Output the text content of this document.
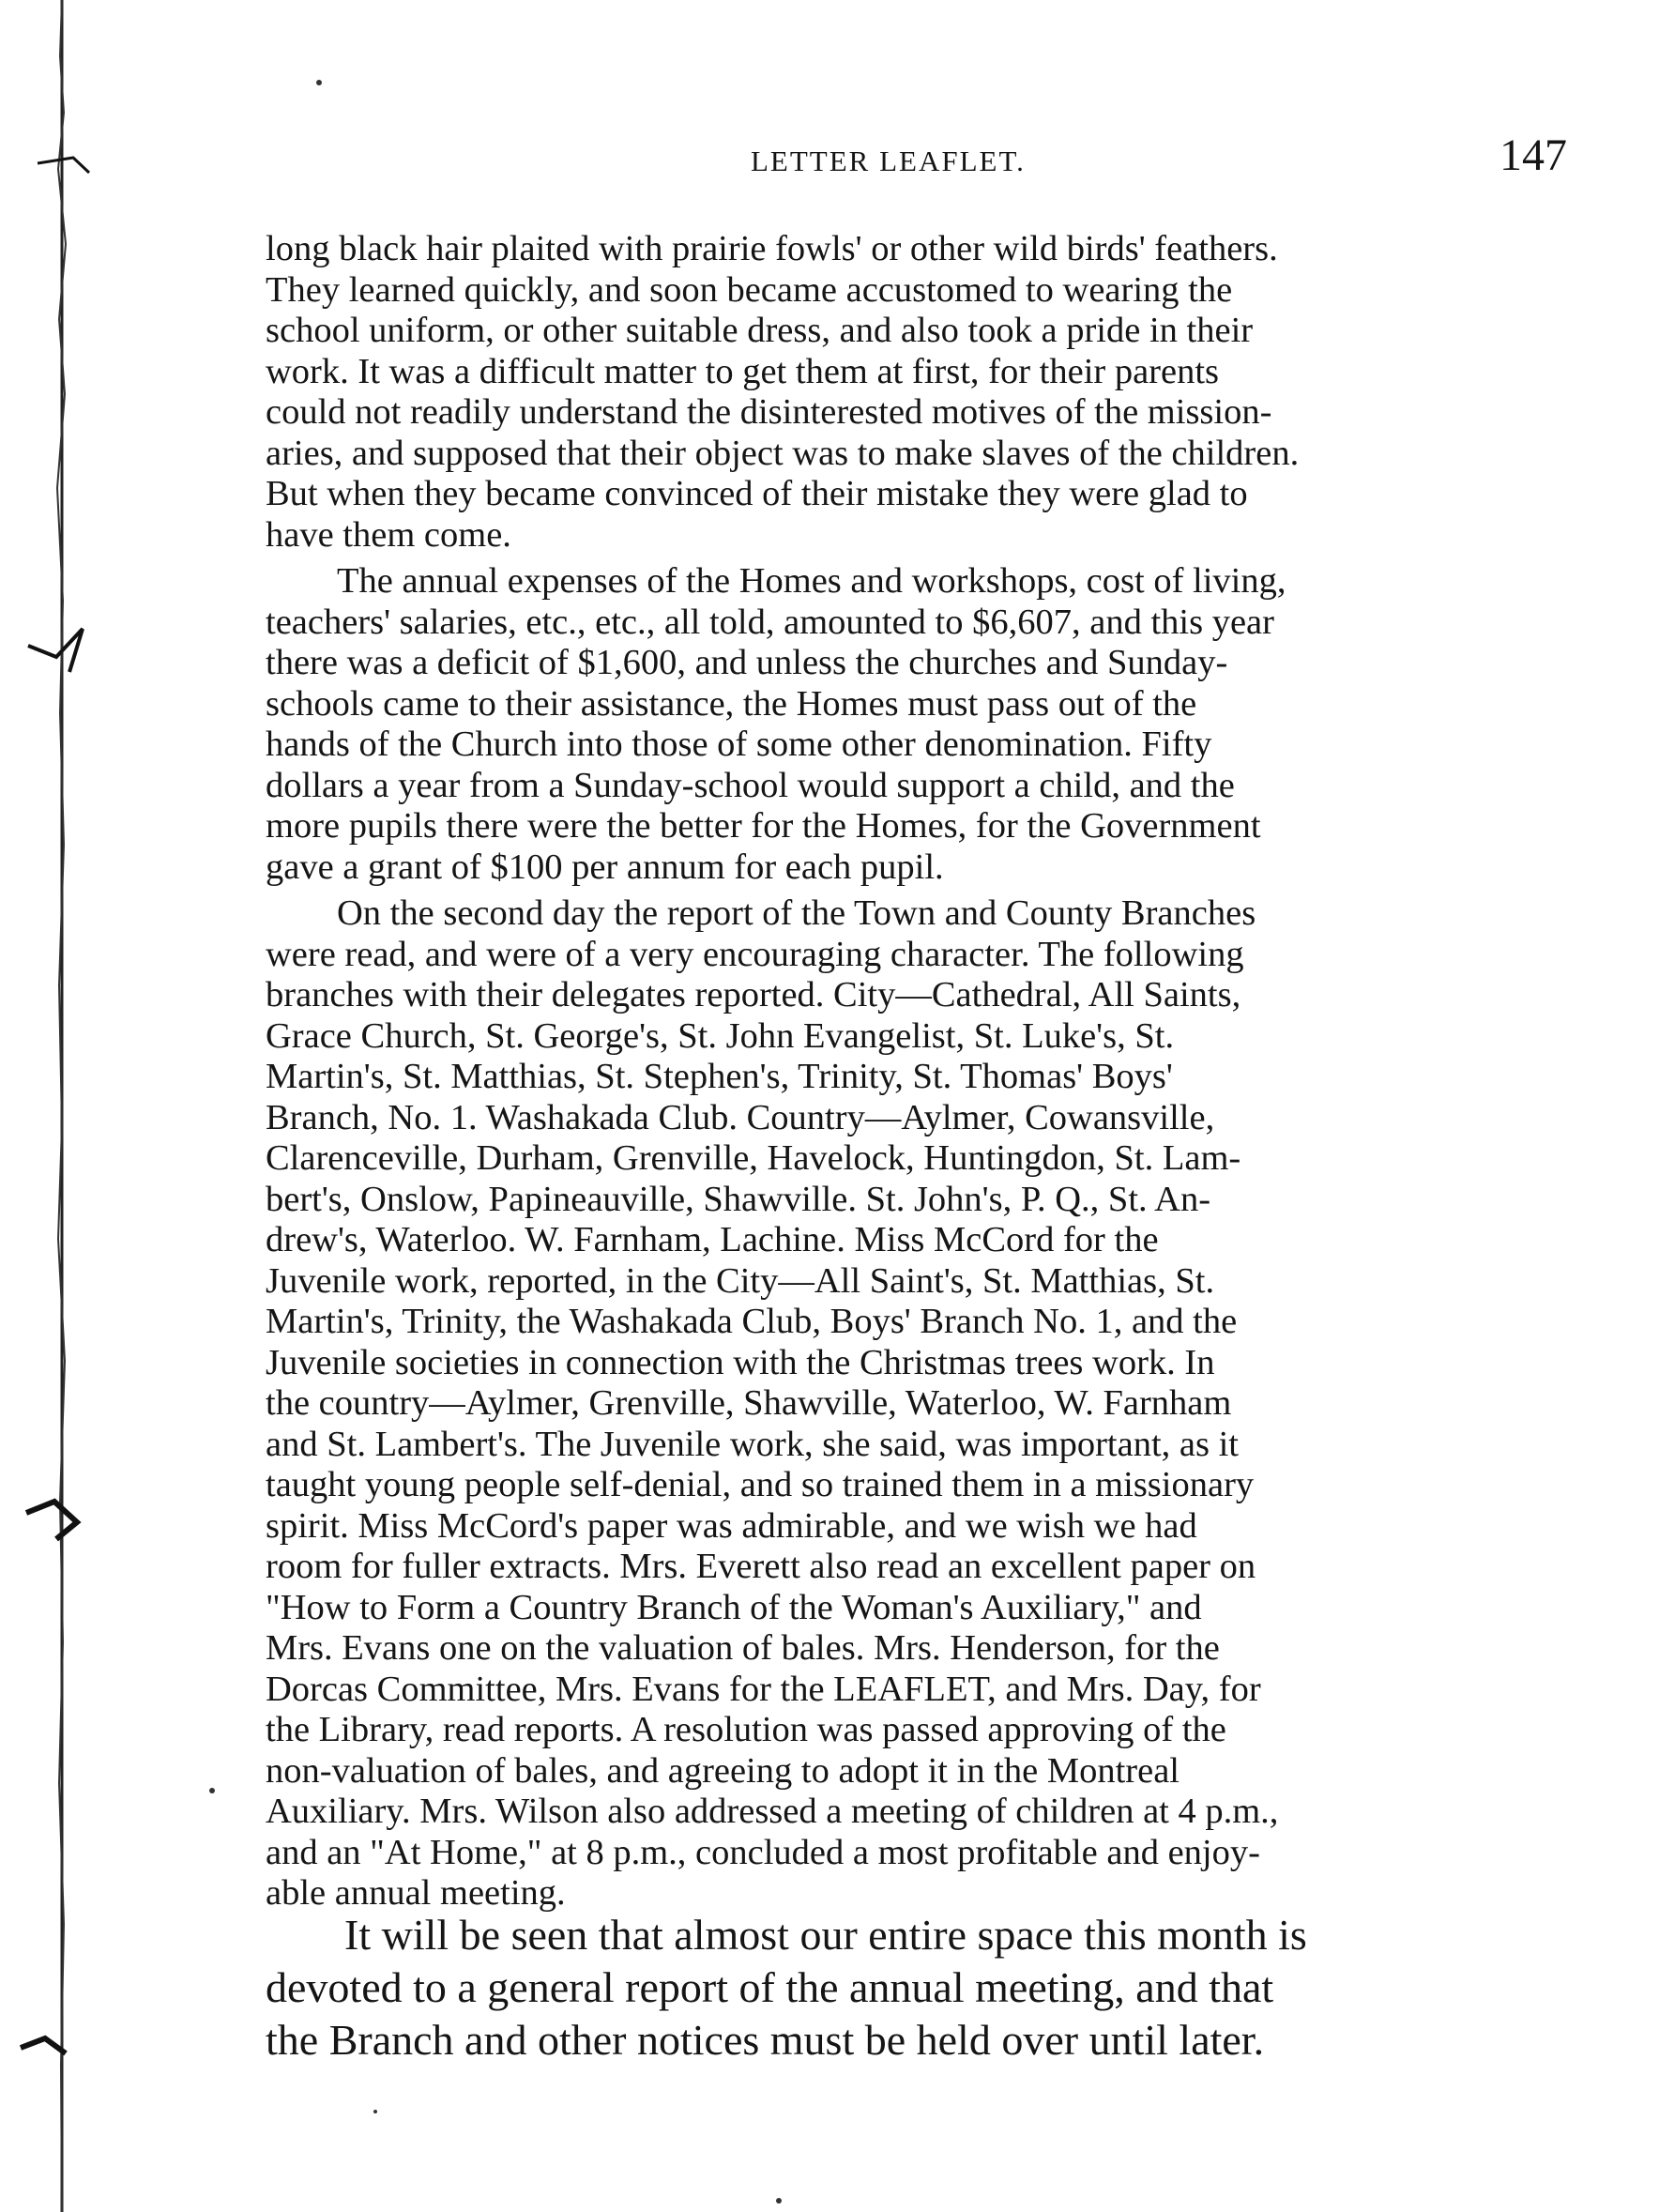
LETTER LEAFLET.	147

long black hair plaited with prairie fowls' or other wild birds' feathers.
They learned quickly, and soon became accustomed to wearing the
school uniform, or other suitable dress, and also took a pride in their
work. It was a difficult matter to get them at first, for their parents
could not readily understand the disinterested motives of the mission-
aries, and supposed that their object was to make slaves of the children.
But when they became convinced of their mistake they were glad to
have them come.

The annual expenses of the Homes and workshops, cost of living,
teachers' salaries, etc., etc., all told, amounted to $6,607, and this year
there was a deficit of $1,600, and unless the churches and Sunday-
schools came to their assistance, the Homes must pass out of the
hands of the Church into those of some other denomination. Fifty
dollars a year from a Sunday-school would support a child, and the
more pupils there were the better for the Homes, for the Government
gave a grant of $100 per annum for each pupil.

On the second day the report of the Town and County Branches
were read, and were of a very encouraging character. The following
branches with their delegates reported. City—Cathedral, All Saints,
Grace Church, St. George's, St. John Evangelist, St. Luke's, St.
Martin's, St. Matthias, St. Stephen's, Trinity, St. Thomas' Boys'
Branch, No. 1. Washakada Club. Country—Aylmer, Cowansville,
Clarenceville, Durham, Grenville, Havelock, Huntingdon, St. Lam-
bert's, Onslow, Papineauville, Shawville. St. John's, P. Q., St. An-
drew's, Waterloo. W. Farnham, Lachine. Miss McCord for the
Juvenile work, reported, in the City—All Saint's, St. Matthias, St.
Martin's, Trinity, the Washakada Club, Boys' Branch No. 1, and the
Juvenile societies in connection with the Christmas trees work. In
the country—Aylmer, Grenville, Shawville, Waterloo, W. Farnham
and St. Lambert's. The Juvenile work, she said, was important, as it
taught young people self-denial, and so trained them in a missionary
spirit. Miss McCord's paper was admirable, and we wish we had
room for fuller extracts. Mrs. Everett also read an excellent paper on
"How to Form a Country Branch of the Woman's Auxiliary," and
Mrs. Evans one on the valuation of bales. Mrs. Henderson, for the
Dorcas Committee, Mrs. Evans for the LEAFLET, and Mrs. Day, for
the Library, read reports. A resolution was passed approving of the
non-valuation of bales, and agreeing to adopt it in the Montreal
Auxiliary. Mrs. Wilson also addressed a meeting of children at 4 p.m.,
and an "At Home," at 8 p.m., concluded a most profitable and enjoy-
able annual meeting.

It will be seen that almost our entire space this month is
devoted to a general report of the annual meeting, and that
the Branch and other notices must be held over until later.
